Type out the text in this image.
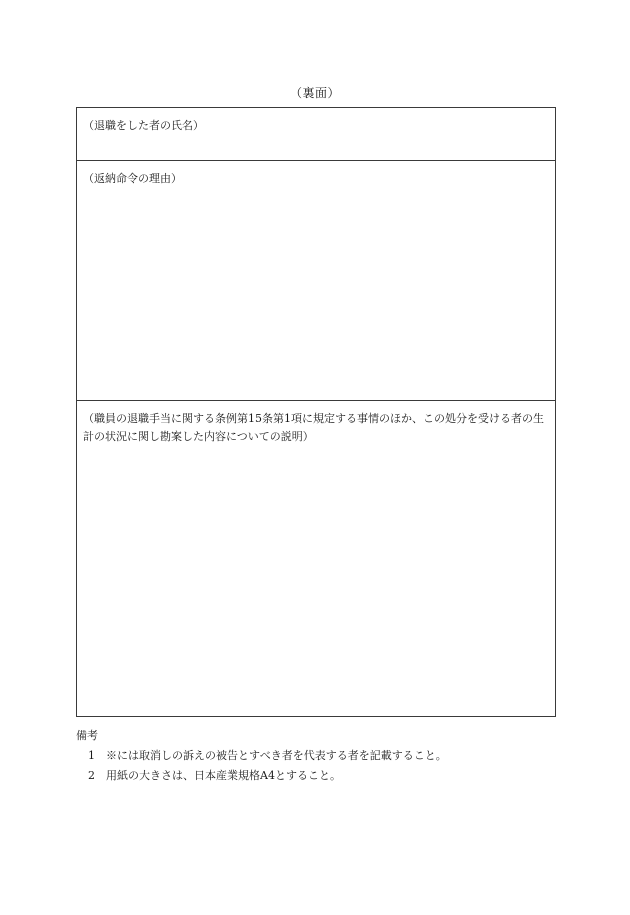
（裏面）
（退職をした者の氏名）
（返納命令の理由）
（職員の退職手当に関する条例第15条第1項に規定する事情のほか、この処分を受ける者の生計の状況に関し勘案した内容についての説明）
備考
1	※には取消しの訴えの被告とすべき者を代表する者を記載すること。
2	用紙の大きさは、日本産業規格A4とすること。
